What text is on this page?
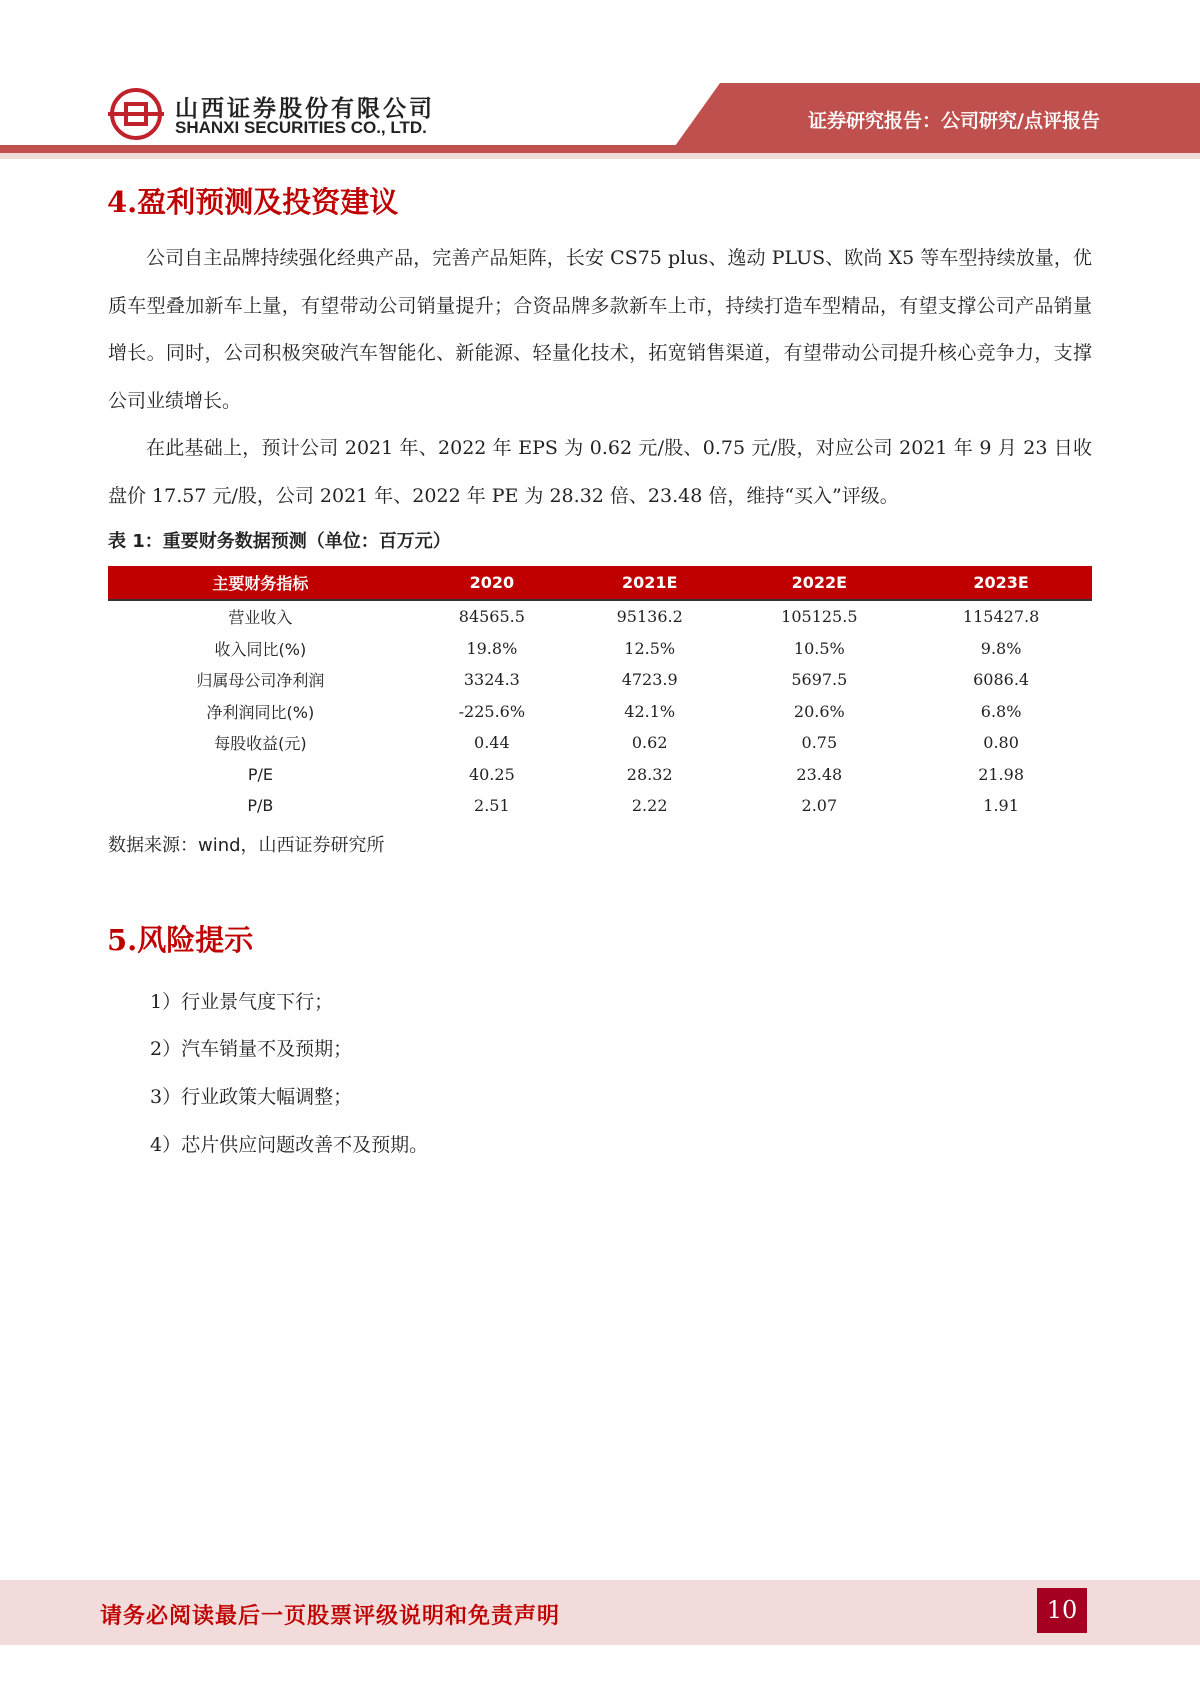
山西证券股份有限公司
SHANXI SECURITIES CO., LTD.	证券研究报告：公司研究/点评报告
4.盈利预测及投资建议
公司自主品牌持续强化经典产品，完善产品矩阵，长安 CS75 plus、逸动 PLUS、欧尚 X5 等车型持续放量，优质车型叠加新车上量，有望带动公司销量提升；合资品牌多款新车上市，持续打造车型精品，有望支撑公司产品销量增长。同时，公司积极突破汽车智能化、新能源、轻量化技术，拓宽销售渠道，有望带动公司提升核心竞争力，支撑公司业绩增长。
在此基础上，预计公司 2021 年、2022 年 EPS 为 0.62 元/股、0.75 元/股，对应公司 2021 年 9 月 23 日收盘价 17.57 元/股，公司 2021 年、2022 年 PE 为 28.32 倍、23.48 倍，维持“买入”评级。
表 1：重要财务数据预测（单位：百万元）
主要财务指标	2020	2021E	2022E	2023E
营业收入	84565.5	95136.2	105125.5	115427.8
收入同比(%)	19.8%	12.5%	10.5%	9.8%
归属母公司净利润	3324.3	4723.9	5697.5	6086.4
净利润同比(%)	-225.6%	42.1%	20.6%	6.8%
每股收益(元)	0.44	0.62	0.75	0.80
P/E	40.25	28.32	23.48	21.98
P/B	2.51	2.22	2.07	1.91
数据来源：wind，山西证券研究所
5.风险提示
1）行业景气度下行；
2）汽车销量不及预期；
3）行业政策大幅调整；
4）芯片供应问题改善不及预期。
请务必阅读最后一页股票评级说明和免责声明	10
